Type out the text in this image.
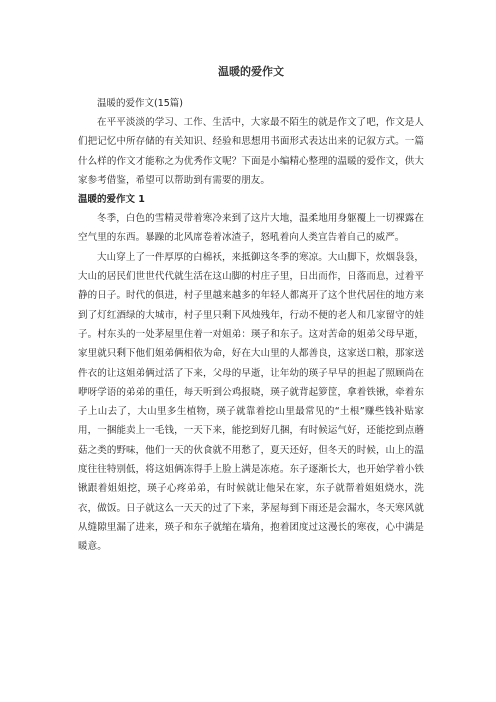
温暖的爱作文
温暖的爱作文(15篇)

在平平淡淡的学习、工作、生活中，大家最不陌生的就是作文了吧，作文是人们把记忆中所存储的有关知识、经验和思想用书面形式表达出来的记叙方式。一篇什么样的作文才能称之为优秀作文呢？下面是小编精心整理的温暖的爱作文，供大家参考借鉴，希望可以帮助到有需要的朋友。

温暖的爱作文 1

冬季，白色的雪精灵带着寒冷来到了这片大地，温柔地用身躯覆上一切裸露在空气里的东西。暴躁的北风席卷着冰渣子，怒吼着向人类宣告着自己的威严。

大山穿上了一件厚厚的白棉袄，来抵御这冬季的寒凉。大山脚下，炊烟袅袅，大山的居民们世世代代就生活在这山脚的村庄子里，日出而作，日落而息，过着平静的日子。时代的俱进，村子里越来越多的年轻人都离开了这个世代居住的地方来到了灯红酒绿的大城市，村子里只剩下风烛残年，行动不便的老人和几家留守的娃子。村东头的一处茅屋里住着一对姐弟：瑛子和东子。这对苦命的姐弟父母早逝，家里就只剩下他们姐弟俩相依为命，好在大山里的人都善良，这家送口粮，那家送件衣的让这姐弟俩过活了下来，父母的早逝，让年幼的瑛子早早的担起了照顾尚在咿呀学语的弟弟的重任，每天听到公鸡报晓，瑛子就背起箩筐，拿着铁锹，牵着东子上山去了，大山里多生植物，瑛子就靠着挖山里最常见的“土根”赚些钱补贴家用，一捆能卖上一毛钱，一天下来，能挖到好几捆，有时候运气好，还能挖到点蘑菇之类的野味，他们一天的伙食就不用愁了，夏天还好，但冬天的时候，山上的温度往往特别低，将这姐俩冻得手上脸上满是冻疮。东子逐渐长大，也开始学着小铁锹跟着姐姐挖，瑛子心疼弟弟，有时候就让他呆在家，东子就帮着姐姐烧水，洗衣，做饭。日子就这么一天天的过了下来，茅屋每到下雨还是会漏水，冬天寒风就从缝隙里漏了进来，瑛子和东子就缩在墙角，抱着团度过这漫长的寒夜，心中满是暖意。
